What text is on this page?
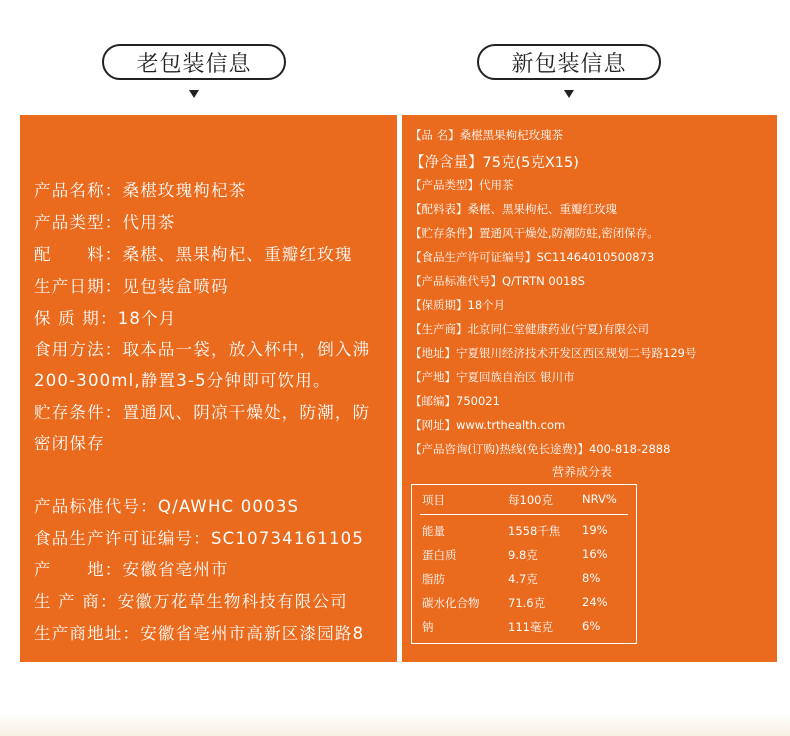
老包装信息	新包装信息
产品名称：桑椹玫瑰枸杞茶
产品类型：代用茶
配　　料：桑椹、黑果枸杞、重瓣红玫瑰
生产日期：见包装盒喷码
保 质 期：18个月
食用方法：取本品一袋，放入杯中，倒入沸
200-300ml,静置3-5分钟即可饮用。
贮存条件：置通风、阴凉干燥处，防潮，防
密闭保存
产品标准代号：Q/AWHC 0003S
食品生产许可证编号：SC10734161105
产　　地：安徽省亳州市
生 产 商：安徽万花草生物科技有限公司
生产商地址：安徽省亳州市高新区漆园路8
【品 名】桑椹黑果枸杞玫瑰茶
【净含量】75克(5克X15)
【产品类型】代用茶
【配料表】桑椹、黑果枸杞、重瓣红玫瑰
【贮存条件】置通风干燥处,防潮防蛀,密闭保存。
【食品生产许可证编号】SC11464010500873
【产品标准代号】Q/TRTN 0018S
【保质期】18个月
【生产商】北京同仁堂健康药业(宁夏)有限公司
【地址】宁夏银川经济技术开发区西区规划二号路129号
【产地】宁夏回族自治区 银川市
【邮编】750021
【网址】www.trthealth.com
【产品咨询(订购)热线(免长途费)】400-818-2888
营养成分表
项目	每100克	NRV%
能量	1558千焦 19%
蛋白质	9.8克	16%
脂肪	4.7克	8%
碳水化合物 71.6克	24%
钠	111毫克	6%
